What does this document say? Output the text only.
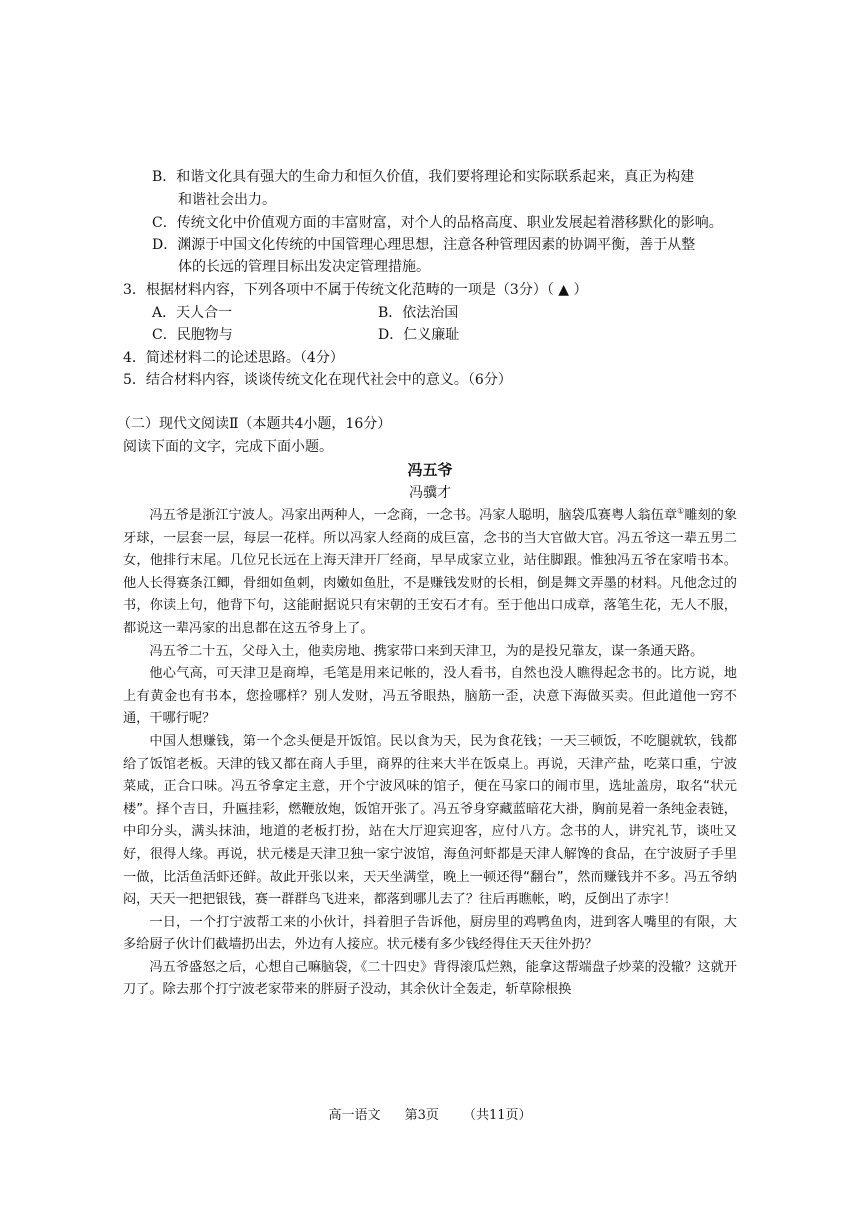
B．和谐文化具有强大的生命力和恒久价值，我们要将理论和实际联系起来，真正为构建
和谐社会出力。
C．传统文化中价值观方面的丰富财富，对个人的品格高度、职业发展起着潜移默化的影响。
D．渊源于中国文化传统的中国管理心理思想，注意各种管理因素的协调平衡，善于从整
体的长远的管理目标出发决定管理措施。
3．根据材料内容，下列各项中不属于传统文化范畴的一项是（3分）（ ▲ ）
A．天人合一	B．依法治国
C．民胞物与	D．仁义廉耻
4．简述材料二的论述思路。（4分）
5．结合材料内容，谈谈传统文化在现代社会中的意义。（6分）
（二）现代文阅读Ⅱ（本题共4小题，16分）
阅读下面的文字，完成下面小题。
冯五爷
冯骥才

冯五爷是浙江宁波人。冯家出两种人，一念商，一念书。冯家人聪明，脑袋瓜赛粤人翁伍章①雕刻的象牙球，一层套一层，每层一花样。所以冯家人经商的成巨富，念书的当大官做大官。冯五爷这一辈五男二女，他排行末尾。几位兄长远在上海天津开厂经商，早早成家立业，站住脚跟。惟独冯五爷在家啃书本。他人长得赛条江鲫，骨细如鱼刺，肉嫩如鱼肚，不是赚钱发财的长相，倒是舞文弄墨的材料。凡他念过的书，你读上句，他背下句，这能耐据说只有宋朝的王安石才有。至于他出口成章，落笔生花，无人不服，都说这一辈冯家的出息都在这五爷身上了。

冯五爷二十五，父母入土，他卖房地、携家带口来到天津卫，为的是投兄靠友，谋一条通天路。

他心气高，可天津卫是商埠，毛笔是用来记帐的，没人看书，自然也没人瞧得起念书的。比方说，地上有黄金也有书本，您捡哪样？别人发财，冯五爷眼热，脑筋一歪，决意下海做买卖。但此道他一窍不通，干哪行呢？

中国人想赚钱，第一个念头便是开饭馆。民以食为天，民为食花钱；一天三顿饭，不吃腿就软，钱都给了饭馆老板。天津的钱又都在商人手里，商界的往来大半在饭桌上。再说，天津产盐，吃菜口重，宁波菜咸，正合口味。冯五爷拿定主意，开个宁波风味的馆子，便在马家口的闹市里，选址盖房，取名“状元楼”。择个吉日，升匾挂彩，燃鞭放炮，饭馆开张了。冯五爷身穿藏蓝暗花大褂，胸前晃着一条纯金表链，中印分头，满头抹油，地道的老板打扮，站在大厅迎宾迎客，应付八方。念书的人，讲究礼节，谈吐又好，很得人缘。再说，状元楼是天津卫独一家宁波馆，海鱼河虾都是天津人解馋的食品，在宁波厨子手里一做，比活鱼活虾还鲜。故此开张以来，天天坐满堂，晚上一顿还得“翻台”，然而赚钱并不多。冯五爷纳闷，天天一把把银钱，赛一群群鸟飞进来，都落到哪儿去了？往后再瞧帐，哟，反倒出了赤字！

一日，一个打宁波帮工来的小伙计，抖着胆子告诉他，厨房里的鸡鸭鱼肉，进到客人嘴里的有限，大多给厨子伙计们截墙扔出去，外边有人接应。状元楼有多少钱经得住天天往外扔？

冯五爷盛怒之后，心想自己嘛脑袋，《二十四史》背得滚瓜烂熟，能拿这帮端盘子炒菜的没辙？这就开刀了。除去那个打宁波老家带来的胖厨子没动，其余伙计全轰走，斩草除根换

高一语文 第3页 （共11页）
